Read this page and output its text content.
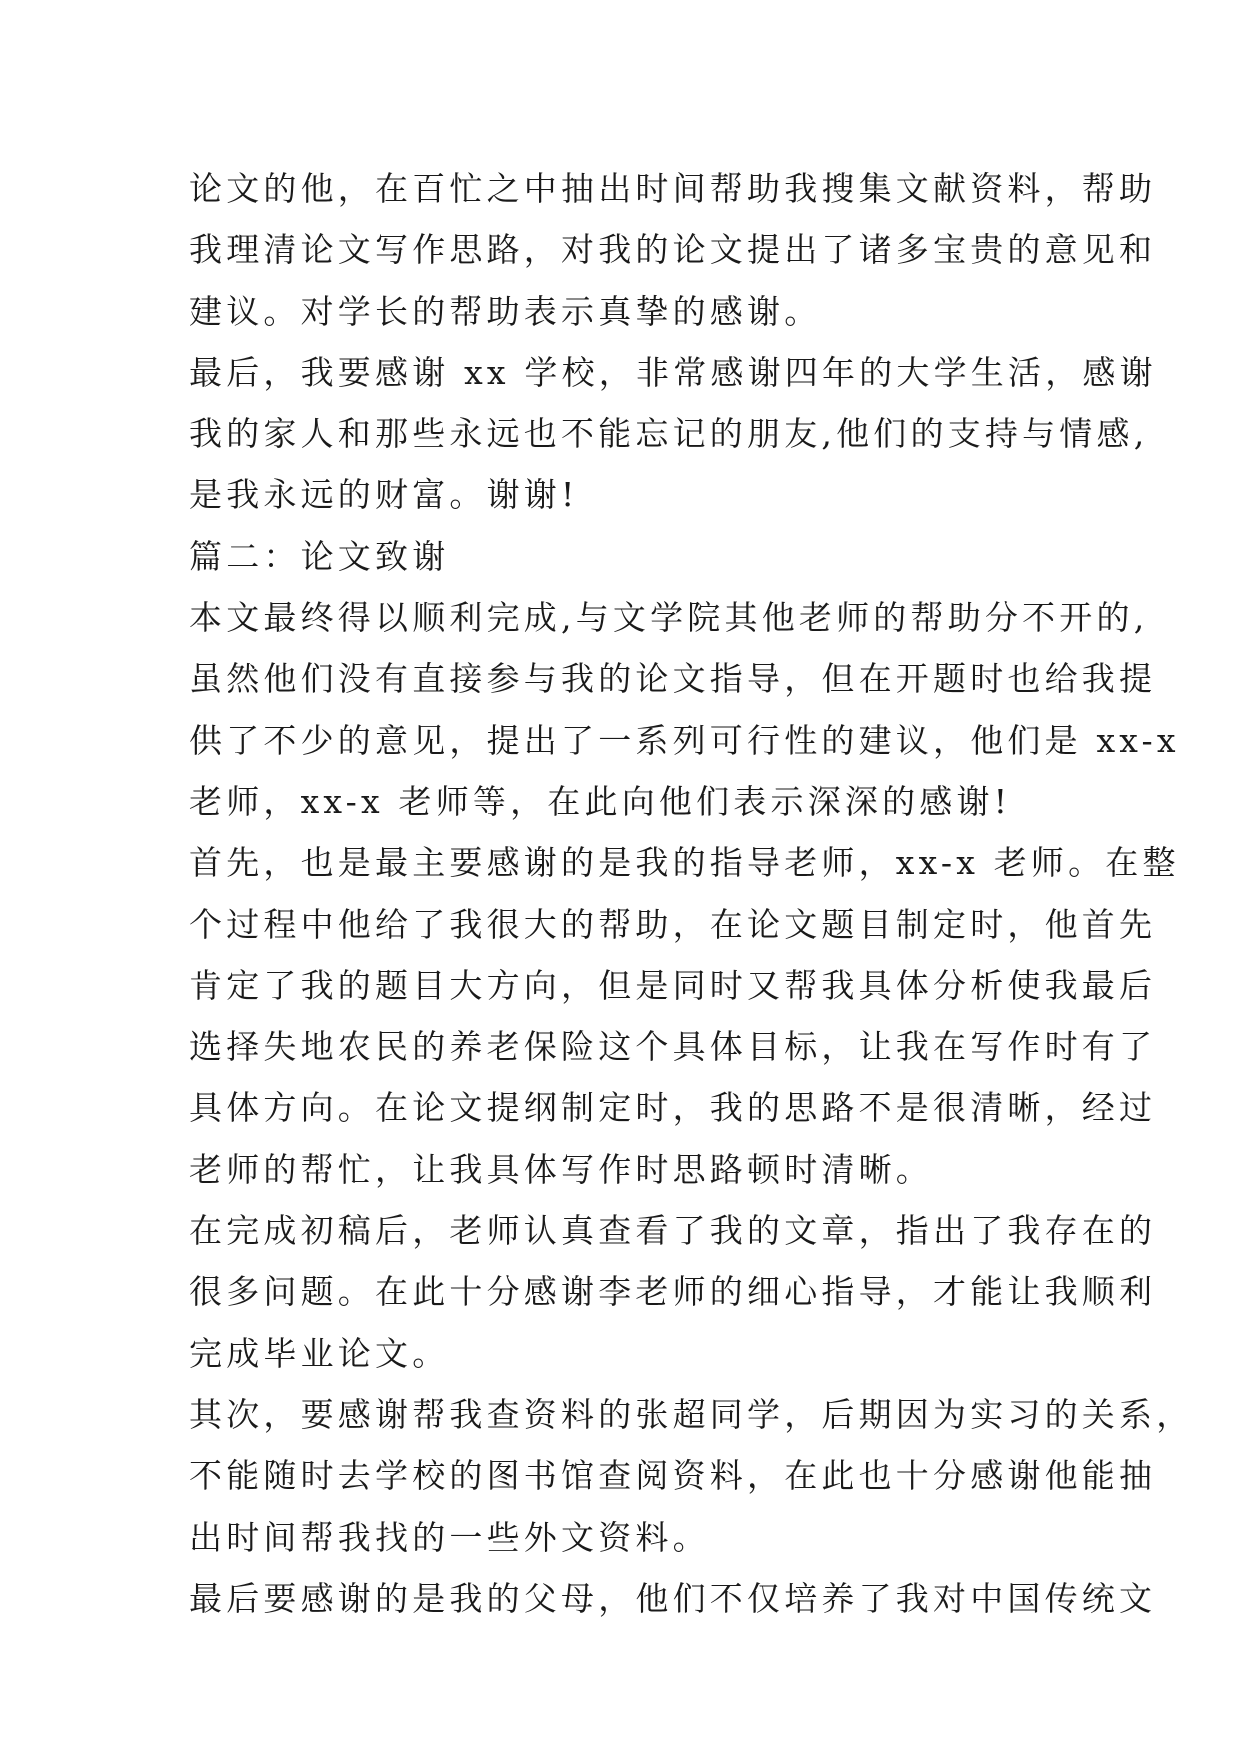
论文的他，在百忙之中抽出时间帮助我搜集文献资料，帮助
我理清论文写作思路，对我的论文提出了诸多宝贵的意见和
建议。对学长的帮助表示真挚的感谢。
最后，我要感谢 xx 学校，非常感谢四年的大学生活，感谢
我的家人和那些永远也不能忘记的朋友,他们的支持与情感,
是我永远的财富。谢谢!
篇二：论文致谢
本文最终得以顺利完成,与文学院其他老师的帮助分不开的,
虽然他们没有直接参与我的论文指导，但在开题时也给我提
供了不少的意见，提出了一系列可行性的建议，他们是 xx-x
老师，xx-x 老师等，在此向他们表示深深的感谢!
首先，也是最主要感谢的是我的指导老师，xx-x 老师。在整
个过程中他给了我很大的帮助，在论文题目制定时，他首先
肯定了我的题目大方向，但是同时又帮我具体分析使我最后
选择失地农民的养老保险这个具体目标，让我在写作时有了
具体方向。在论文提纲制定时，我的思路不是很清晰，经过
老师的帮忙，让我具体写作时思路顿时清晰。
在完成初稿后，老师认真查看了我的文章，指出了我存在的
很多问题。在此十分感谢李老师的细心指导，才能让我顺利
完成毕业论文。
其次，要感谢帮我查资料的张超同学，后期因为实习的关系，
不能随时去学校的图书馆查阅资料，在此也十分感谢他能抽
出时间帮我找的一些外文资料。
最后要感谢的是我的父母，他们不仅培养了我对中国传统文
